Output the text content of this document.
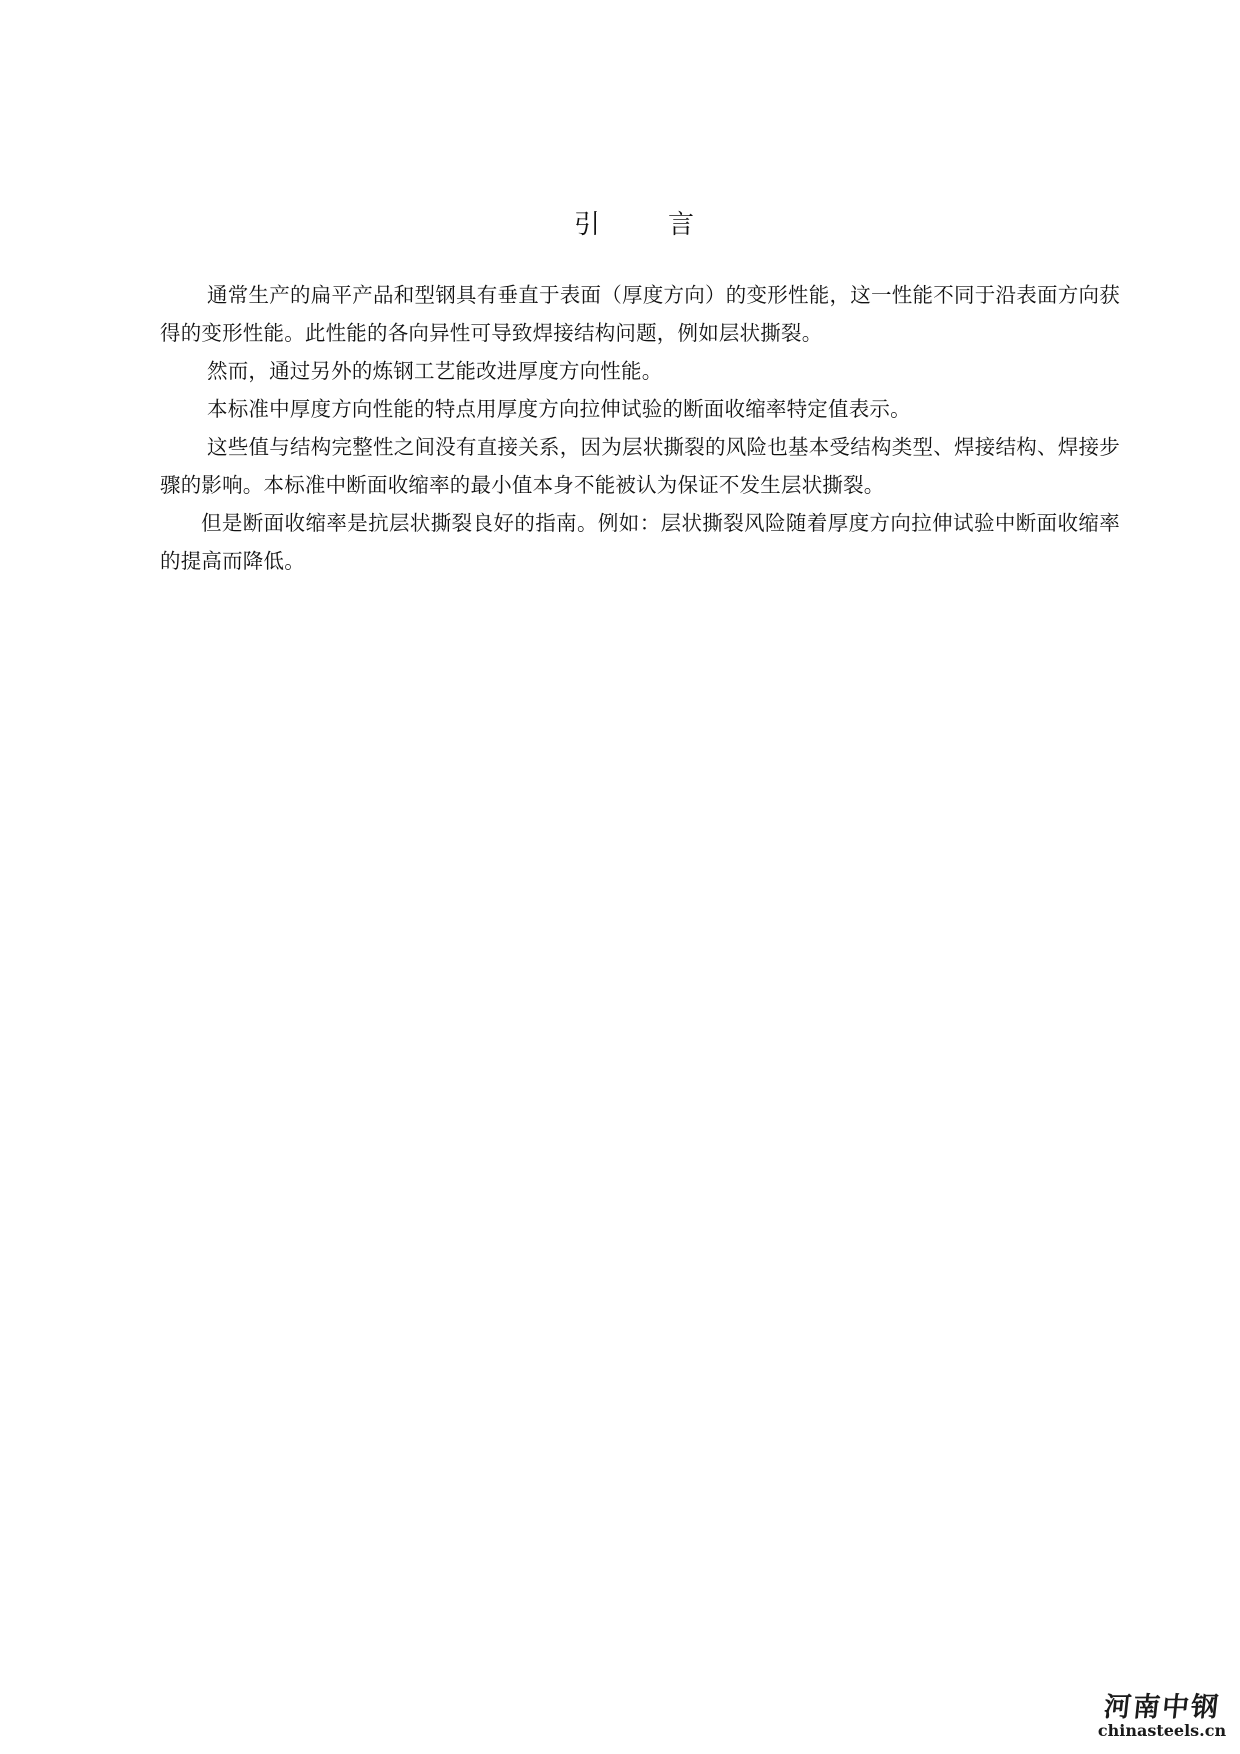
引	言

通常生产的扁平产品和型钢具有垂直于表面（厚度方向）的变形性能，这一性能不同于沿表面方向获得的变形性能。此性能的各向异性可导致焊接结构问题，例如层状撕裂。

然而，通过另外的炼钢工艺能改进厚度方向性能。

本标准中厚度方向性能的特点用厚度方向拉伸试验的断面收缩率特定值表示。

这些值与结构完整性之间没有直接关系，因为层状撕裂的风险也基本受结构类型、焊接结构、焊接步骤的影响。本标准中断面收缩率的最小值本身不能被认为保证不发生层状撕裂。

但是断面收缩率是抗层状撕裂良好的指南。例如：层状撕裂风险随着厚度方向拉伸试验中断面收缩率的提高而降低。

河南中钢
chinasteels.cn
